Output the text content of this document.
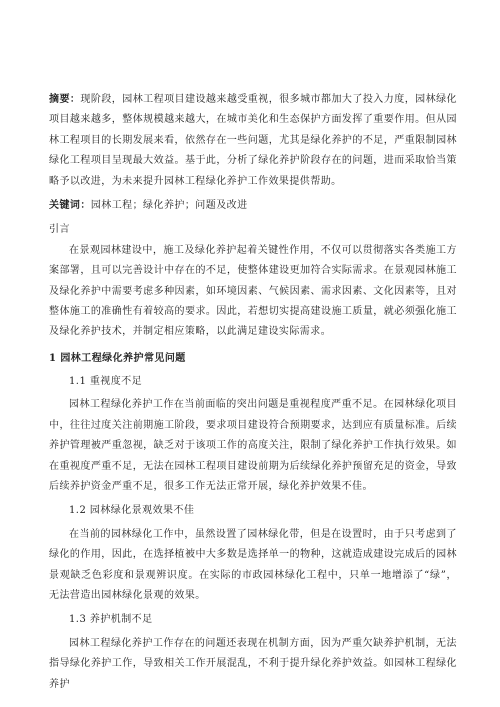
摘要：现阶段，园林工程项目建设越来越受重视，很多城市都加大了投入力度，园林绿化项目越来越多，整体规模越来越大，在城市美化和生态保护方面发挥了重要作用。但从园林工程项目的长期发展来看，依然存在一些问题，尤其是绿化养护的不足，严重限制园林绿化工程项目呈现最大效益。基于此，分析了绿化养护阶段存在的问题，进而采取恰当策略予以改进，为未来提升园林工程绿化养护工作效果提供帮助。

关键词：园林工程；绿化养护；问题及改进

引言

在景观园林建设中，施工及绿化养护起着关键性作用，不仅可以贯彻落实各类施工方案部署，且可以完善设计中存在的不足，使整体建设更加符合实际需求。在景观园林施工及绿化养护中需要考虑多种因素，如环境因素、气候因素、需求因素、文化因素等，且对整体施工的准确性有着较高的要求。因此，若想切实提高建设施工质量，就必须强化施工及绿化养护技术，并制定相应策略，以此满足建设实际需求。

1 园林工程绿化养护常见问题

1.1 重视度不足

园林工程绿化养护工作在当前面临的突出问题是重视程度严重不足。在园林绿化项目中，往往过度关注前期施工阶段，要求项目建设符合预期要求，达到应有质量标准。后续养护管理被严重忽视，缺乏对于该项工作的高度关注，限制了绿化养护工作执行效果。如在重视度严重不足，无法在园林工程项目建设前期为后续绿化养护预留充足的资金，导致后续养护资金严重不足，很多工作无法正常开展，绿化养护效果不佳。

1.2 园林绿化景观效果不佳

在当前的园林绿化工作中，虽然设置了园林绿化带，但是在设置时，由于只考虑到了绿化的作用，因此，在选择植被中大多数是选择单一的物种，这就造成建设完成后的园林景观缺乏色彩度和景观辨识度。在实际的市政园林绿化工程中，只单一地增添了“绿”，无法营造出园林绿化景观的效果。

1.3 养护机制不足

园林工程绿化养护工作存在的问题还表现在机制方面，因为严重欠缺养护机制，无法指导绿化养护工作，导致相关工作开展混乱，不利于提升绿化养护效益。如园林工程绿化养护
